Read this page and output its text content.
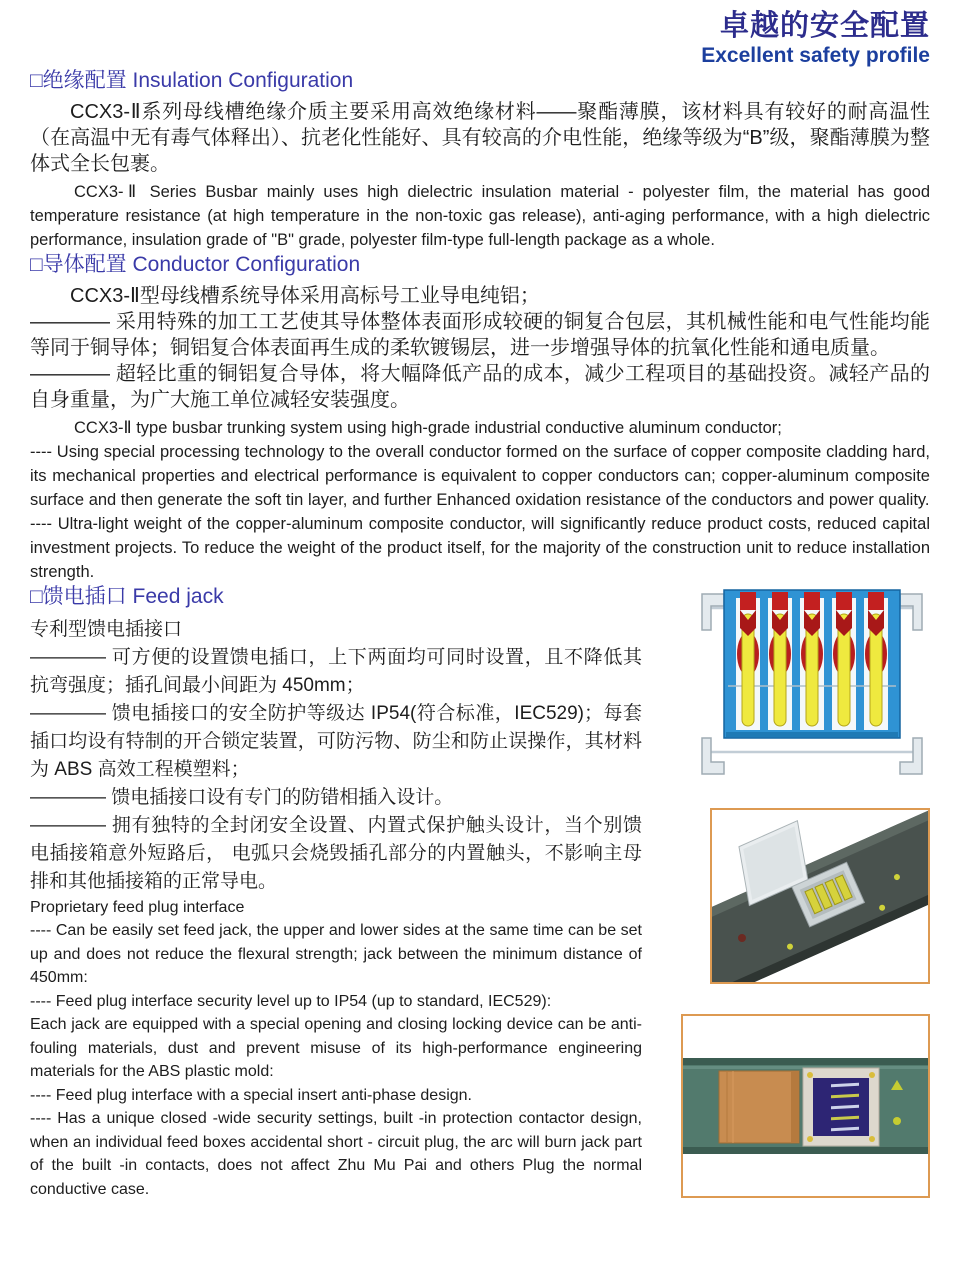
卓越的安全配置
Excellent safety profile
□绝缘配置 Insulation Configuration

CCX3-Ⅱ系列母线槽绝缘介质主要采用高效绝缘材料——聚酯薄膜，该材料具有较好的耐高温性（在高温中无有毒气体释出）、抗老化性能好、具有较高的介电性能，绝缘等级为“B”级，聚酯薄膜为整体式全长包裹。

CCX3-Ⅱ Series Busbar mainly uses high dielectric insulation material - polyester film, the material has good temperature resistance (at high temperature in the non-toxic gas release), anti-aging performance, with a high dielectric performance, insulation grade of "B" grade, polyester film-type full-length package as a whole.

□导体配置 Conductor Configuration

CCX3-Ⅱ型母线槽系统导体采用高标号工业导电纯铝；

———— 采用特殊的加工工艺使其导体整体表面形成较硬的铜复合包层，其机械性能和电气性能均能等同于铜导体；铜铝复合体表面再生成的柔软镀锡层，进一步增强导体的抗氧化性能和通电质量。

———— 超轻比重的铜铝复合导体，将大幅降低产品的成本，减少工程项目的基础投资。减轻产品的自身重量，为广大施工单位减轻安装强度。

CCX3-Ⅱ type busbar trunking system using high-grade industrial conductive aluminum conductor;

---- Using special processing technology to the overall conductor formed on the surface of copper composite cladding hard, its mechanical properties and electrical performance is equivalent to copper conductors can; copper-aluminum composite surface and then generate the soft tin layer, and further Enhanced oxidation resistance of the conductors and power quality.

---- Ultra-light weight of the copper-aluminum composite conductor, will significantly reduce product costs, reduced capital investment projects. To reduce the weight of the product itself, for the majority of the construction unit to reduce installation strength.

□馈电插口 Feed jack

专利型馈电插接口

———— 可方便的设置馈电插口，上下两面均可同时设置，且不降低其抗弯强度；插孔间最小间距为 450mm；

———— 馈电插接口的安全防护等级达 IP54(符合标准，IEC529)；每套插口均设有特制的开合锁定装置，可防污物、防尘和防止误操作，其材料为 ABS 高效工程模塑料；

———— 馈电插接口设有专门的防错相插入设计。

———— 拥有独特的全封闭安全设置、内置式保护触头设计，当个别馈电插接箱意外短路后， 电弧只会烧毁插孔部分的内置触头，不影响主母排和其他插接箱的正常导电。

Proprietary feed plug interface

---- Can be easily set feed jack, the upper and lower sides at the same time can be set up and does not reduce the flexural strength; jack between the minimum distance of 450mm:

---- Feed plug interface security level up to IP54 (up to standard, IEC529):

Each jack are equipped with a special opening and closing locking device can be anti-fouling materials, dust and prevent misuse of its high-performance engineering materials for the ABS plastic mold:

---- Feed plug interface with a special insert anti-phase design.

---- Has a unique closed -wide security settings, built -in protection contactor design, when an individual feed boxes accidental short - circuit plug, the arc will burn jack part of the built -in contacts, does not affect Zhu Mu Pai and others Plug the normal conductive case.
